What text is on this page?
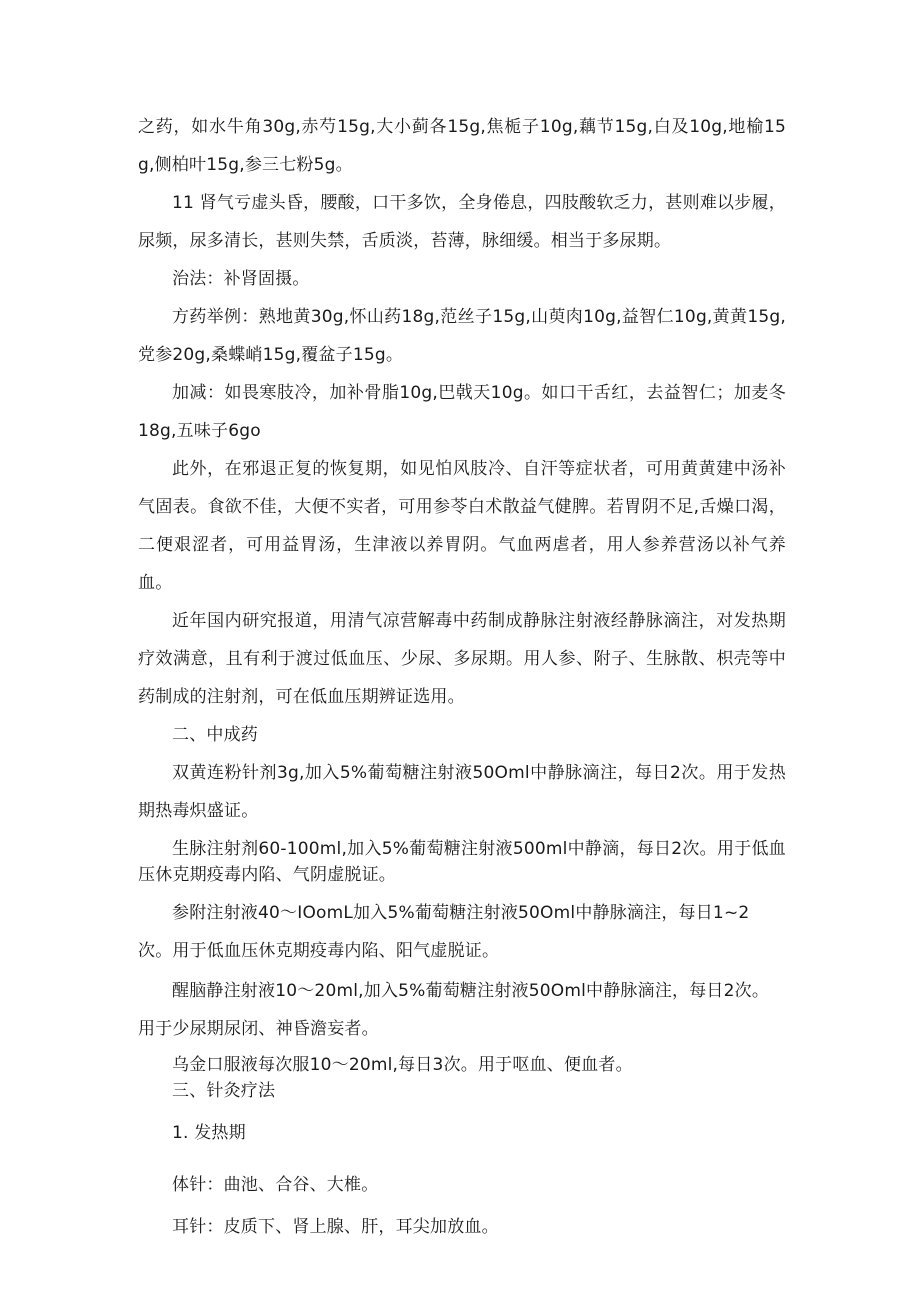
之药，如水牛角30g,赤芍15g,大小蓟各15g,焦栀子10g,藕节15g,白及10g,地榆15g,侧柏叶15g,参三七粉5g。

11 肾气亏虚头昏，腰酸，口干多饮，全身倦息，四肢酸软乏力，甚则难以步履，尿频，尿多清长，甚则失禁，舌质淡，苔薄，脉细缓。相当于多尿期。

治法：补肾固摄。

方药举例：熟地黄30g,怀山药18g,范丝子15g,山萸肉10g,益智仁10g,黄黄15g,党参20g,桑蝶峭15g,覆盆子15g。

加减：如畏寒肢冷，加补骨脂10g,巴戟天10g。如口干舌红，去益智仁；加麦冬18g,五味子6go

此外，在邪退正复的恢复期，如见怕风肢冷、自汗等症状者，可用黄黄建中汤补气固表。食欲不佳，大便不实者，可用参苓白术散益气健脾。若胃阴不足,舌燥口渴，二便艰涩者，可用益胃汤，生津液以养胃阴。气血两虐者，用人参养营汤以补气养血。

近年国内研究报道，用清气凉营解毒中药制成静脉注射液经静脉滴注，对发热期疗效满意，且有利于渡过低血压、少尿、多尿期。用人参、附子、生脉散、枳壳等中药制成的注射剂，可在低血压期辨证选用。

二、中成药

双黄连粉针剂3g,加入5%葡萄糖注射液50Oml中静脉滴注，每日2次。用于发热期热毒炽盛证。

生脉注射剂60-100ml,加入5%葡萄糖注射液500ml中静滴，每日2次。用于低血压休克期疫毒内陷、气阴虚脱证。

参附注射液40～IOomL加入5%葡萄糖注射液50Oml中静脉滴注，每日1~2

次。用于低血压休克期疫毒内陷、阳气虚脱证。

醒脑静注射液10～20ml,加入5%葡萄糖注射液50Oml中静脉滴注，每日2次。

用于少尿期尿闭、神昏澹妄者。

乌金口服液每次服10～20ml,每日3次。用于呕血、便血者。

三、针灸疗法

1. 发热期

体针：曲池、合谷、大椎。

耳针：皮质下、肾上腺、肝，耳尖加放血。
